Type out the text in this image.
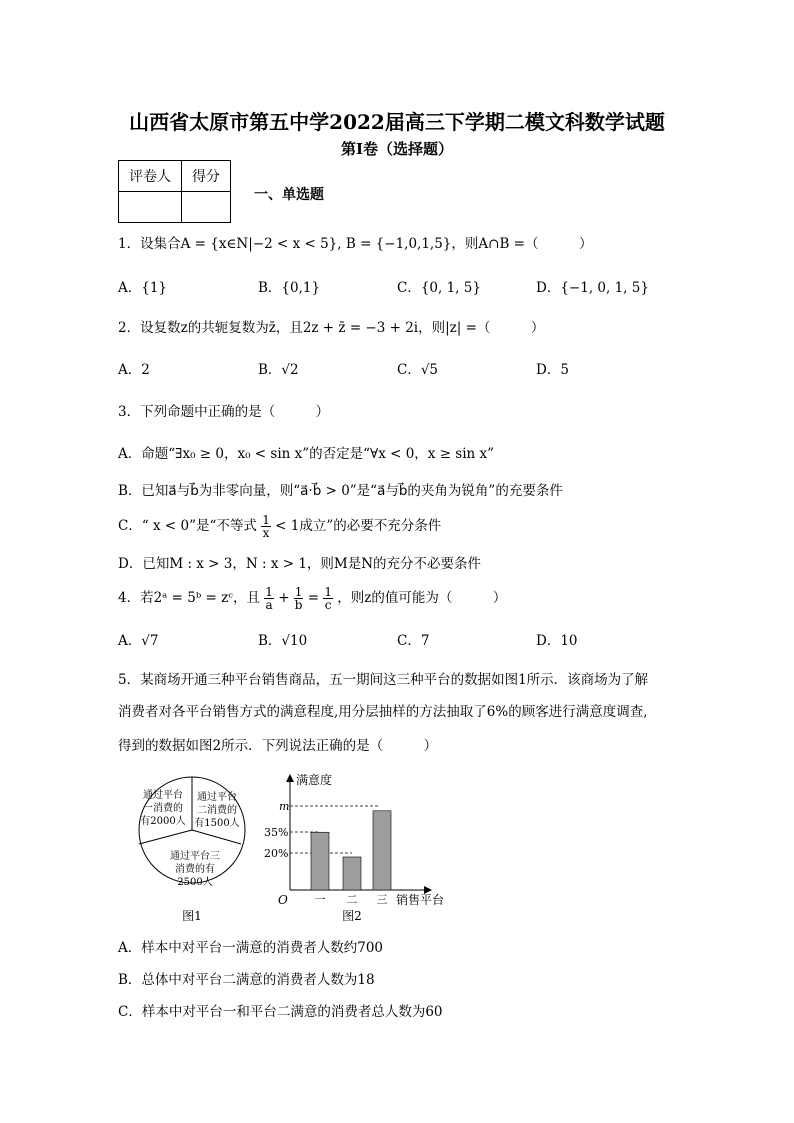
山西省太原市第五中学2022届高三下学期二模文科数学试题
第I卷（选择题）
评卷人	得分

一、单选题
1．设集合A = {x∈N|−2 < x < 5}, B = {−1,0,1,5}，则A∩B =（　　　）
A．{1}	B．{0,1}	C．{0, 1, 5}	D．{−1, 0, 1, 5}
2．设复数z的共轭复数为z̄，且2z + z̄ = −3 + 2i，则|z| =（　　　）
A．2	B．√2	C．√5	D．5
3．下列命题中正确的是（　　　）
A．命题“∃x₀ ≥ 0，x₀ < sin x”的否定是“∀x < 0，x ≥ sin x”
B．已知a⃗与b⃗为非零向量，则“a⃗·b⃗ > 0”是“a⃗与b⃗的夹角为锐角”的充要条件
C．“ x < 0”是“不等式 $\frac{1}{x} < 1$成立”的必要不充分条件
D．已知M : x > 3，N : x > 1，则M是N的充分不必要条件
4．若2ᵃ = 5ᵇ = zᶜ，且 $\frac{1}{a} + \frac{1}{b} = \frac{1}{c}$ ，则z的值可能为（　　　）
A．√7	B．√10	C．7	D．10
5．某商场开通三种平台销售商品，五一期间这三种平台的数据如图1所示．该商场为了解
消费者对各平台销售方式的满意程度,用分层抽样的方法抽取了6%的顾客进行满意度调查,
得到的数据如图2所示．下列说法正确的是（　　　）
通过平台
一消费的
有2000人
通过平台
二消费的
有1500人
通过平台三
消费的有
2500人
图1
满意度
销售平台
O
m
35%
20%
一 二 三
图2
A．样本中对平台一满意的消费者人数约700
B．总体中对平台二满意的消费者人数为18
C．样本中对平台一和平台二满意的消费者总人数为60
